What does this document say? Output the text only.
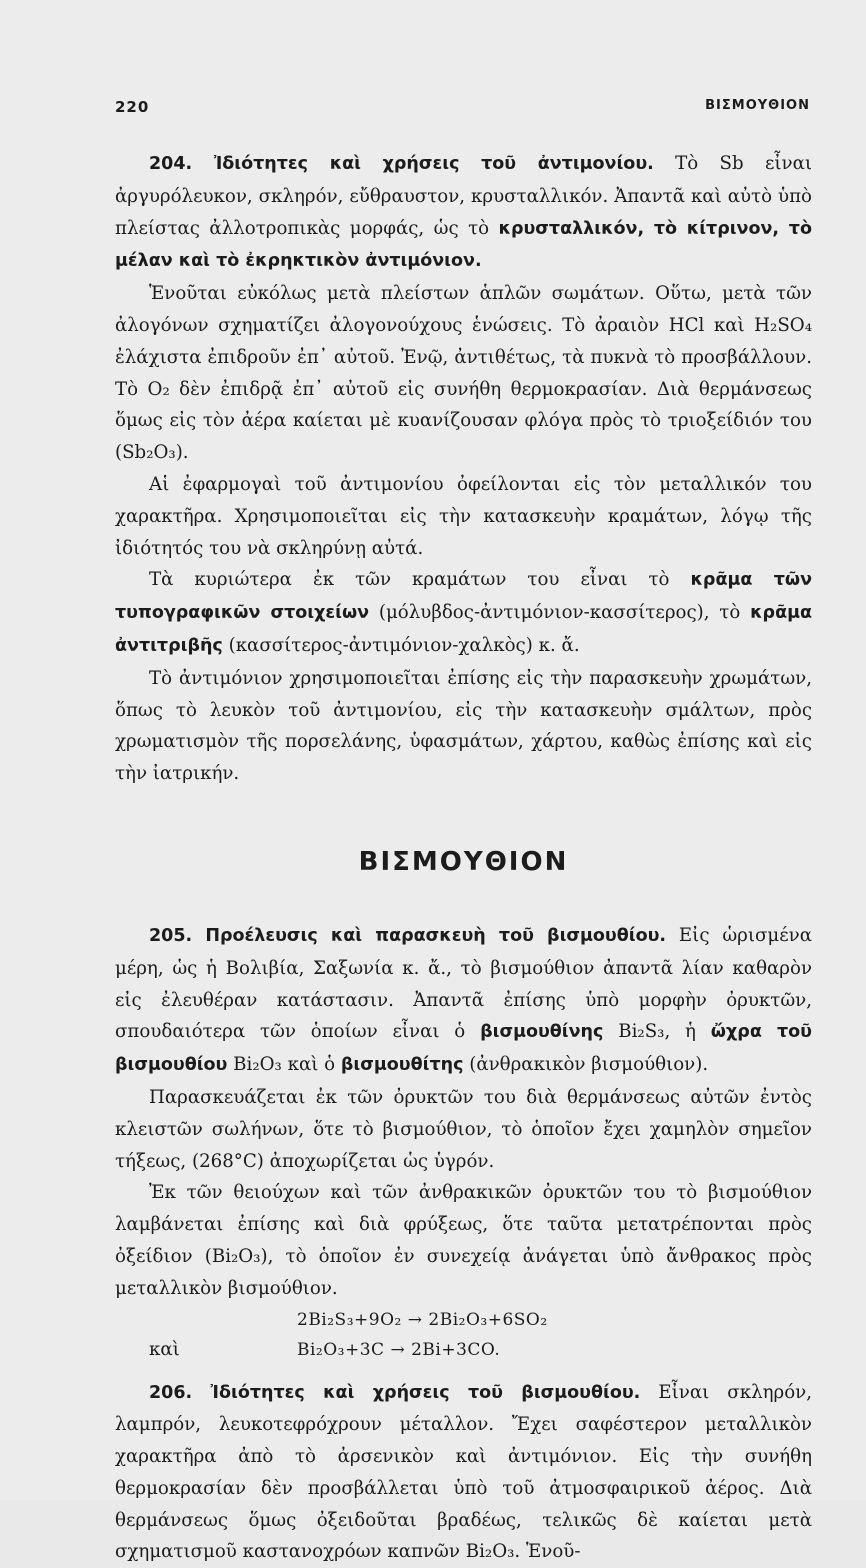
220	ΒΙΣΜΟΥΘΙΟΝ

204. Ἰδιότητες καὶ χρήσεις τοῦ ἀντιμονίου. Τὸ Sb εἶναι ἀργυρόλευκον, σκληρόν, εὔθραυστον, κρυσταλλικόν. Ἀπαντᾶ καὶ αὐτὸ ὑπὸ πλείστας ἀλλοτροπικὰς μορφάς, ὡς τὸ κρυσταλλικόν, τὸ κίτρινον, τὸ μέλαν καὶ τὸ ἐκρηκτικὸν ἀντιμόνιον.

Ἑνοῦται εὐκόλως μετὰ πλείστων ἁπλῶν σωμάτων. Οὕτω, μετὰ τῶν ἀλογόνων σχηματίζει ἀλογονούχους ἑνώσεις. Τὸ ἀραιὸν HCl καὶ H₂SO₄ ἐλάχιστα ἐπιδροῦν ἐπ᾿ αὐτοῦ. Ἐνῷ, ἀντιθέτως, τὰ πυκνὰ τὸ προσβάλλουν. Τὸ O₂ δὲν ἐπιδρᾷ ἐπ᾿ αὐτοῦ εἰς συνήθη θερμοκρασίαν. Διὰ θερμάνσεως ὅμως εἰς τὸν ἀέρα καίεται μὲ κυανίζουσαν φλόγα πρὸς τὸ τριοξείδιόν του (Sb₂O₃).

Αἱ ἐφαρμογαὶ τοῦ ἀντιμονίου ὀφείλονται εἰς τὸν μεταλλικόν του χαρακτῆρα. Χρησιμοποιεῖται εἰς τὴν κατασκευὴν κραμάτων, λόγῳ τῆς ἰδιότητός του νὰ σκληρύνῃ αὐτά.

Τὰ κυριώτερα ἐκ τῶν κραμάτων του εἶναι τὸ κρᾶμα τῶν τυπογραφικῶν στοιχείων (μόλυβδος-ἀντιμόνιον-κασσίτερος), τὸ κρᾶμα ἀντιτριβῆς (κασσίτερος-ἀντιμόνιον-χαλκὸς) κ. ἄ.

Τὸ ἀντιμόνιον χρησιμοποιεῖται ἐπίσης εἰς τὴν παρασκευὴν χρωμάτων, ὅπως τὸ λευκὸν τοῦ ἀντιμονίου, εἰς τὴν κατασκευὴν σμάλτων, πρὸς χρωματισμὸν τῆς πορσελάνης, ὑφασμάτων, χάρτου, καθὼς ἐπίσης καὶ εἰς τὴν ἰατρικήν.

ΒΙΣΜΟΥΘΙΟΝ

205. Προέλευσις καὶ παρασκευὴ τοῦ βισμουθίου. Εἰς ὡρισμένα μέρη, ὡς ἡ Βολιβία, Σαξωνία κ. ἄ., τὸ βισμούθιον ἀπαντᾶ λίαν καθαρὸν εἰς ἐλευθέραν κατάστασιν. Ἀπαντᾶ ἐπίσης ὑπὸ μορφὴν ὀρυκτῶν, σπουδαιότερα τῶν ὁποίων εἶναι ὁ βισμουθίνης Bi₂S₃, ἡ ὤχρα τοῦ βισμουθίου Bi₂O₃ καὶ ὁ βισμουθίτης (ἀνθρακικὸν βισμούθιον).

Παρασκευάζεται ἐκ τῶν ὀρυκτῶν του διὰ θερμάνσεως αὐτῶν ἐντὸς κλειστῶν σωλήνων, ὅτε τὸ βισμούθιον, τὸ ὁποῖον ἔχει χαμηλὸν σημεῖον τήξεως, (268°C) ἀποχωρίζεται ὡς ὑγρόν.

Ἐκ τῶν θειούχων καὶ τῶν ἀνθρακικῶν ὀρυκτῶν του τὸ βισμούθιον λαμβάνεται ἐπίσης καὶ διὰ φρύξεως, ὅτε ταῦτα μετατρέπονται πρὸς ὀξείδιον (Bi₂O₃), τὸ ὁποῖον ἐν συνεχείᾳ ἀνάγεται ὑπὸ ἄνθρακος πρὸς μεταλλικὸν βισμούθιον.

2Bi₂S₃+9O₂ → 2Bi₂O₃+6SO₂
καὶ	Bi₂O₃+3C → 2Bi+3CO.

206. Ἰδιότητες καὶ χρήσεις τοῦ βισμουθίου. Εἶναι σκληρόν, λαμπρόν, λευκοτεφρόχρουν μέταλλον. Ἔχει σαφέστερον μεταλλικὸν χαρακτῆρα ἀπὸ τὸ ἀρσενικὸν καὶ ἀντιμόνιον. Εἰς τὴν συνήθη θερμοκρασίαν δὲν προσβάλλεται ὑπὸ τοῦ ἀτμοσφαιρικοῦ ἀέρος. Διὰ θερμάνσεως ὅμως ὀξειδοῦται βραδέως, τελικῶς δὲ καίεται μετὰ σχηματισμοῦ καστανοχρόων καπνῶν Bi₂O₃. Ἑνοῦ-
